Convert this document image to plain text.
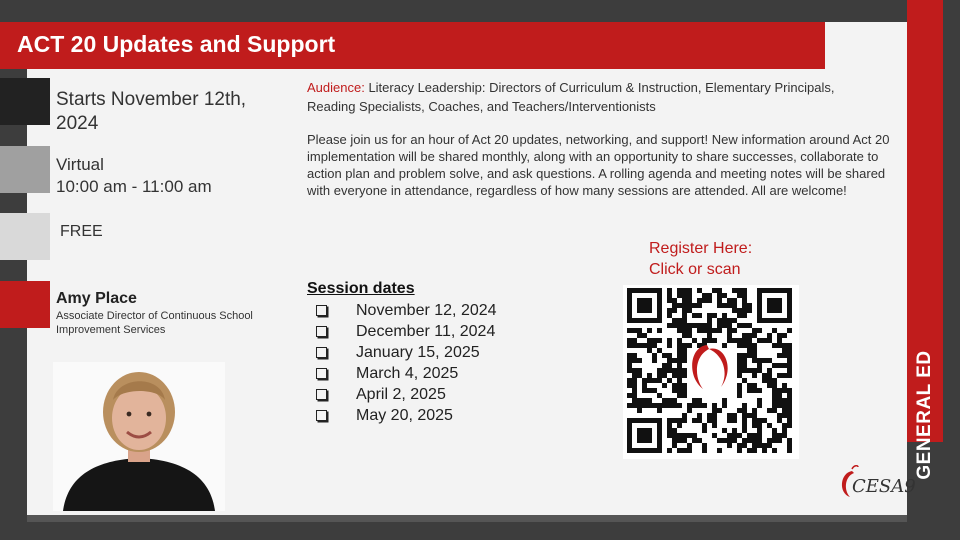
ACT 20 Updates and Support
GENERAL ED
Starts November 12th, 2024
Virtual
10:00 am - 11:00 am
FREE
Amy Place
Associate Director of Continuous School Improvement Services
Audience: Literacy Leadership: Directors of Curriculum & Instruction, Elementary Principals, Reading Specialists, Coaches, and Teachers/Interventionists
Please join us for an hour of Act 20 updates, networking, and support! New information around Act 20 implementation will be shared monthly, along with an opportunity to share successes, collaborate to action plan and problem solve, and ask questions. A rolling agenda and meeting notes will be shared with everyone in attendance, regardless of how many sessions are attended. All are welcome!
Session dates
November 12, 2024
December 11, 2024
January 15, 2025
March 4, 2025
April 2, 2025
May 20, 2025
Register Here:
Click or scan
CESA9
